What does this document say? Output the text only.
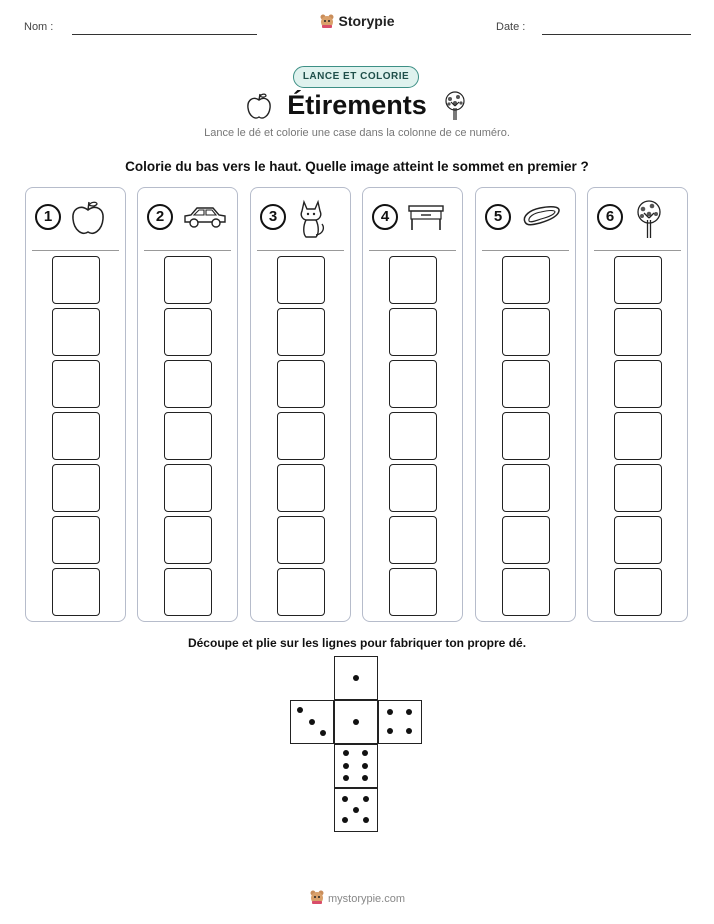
Nom :	Storypie	Date :
LANCE ET COLORIE
Étirements
Lance le dé et colorie une case dans la colonne de ce numéro.
Colorie du bas vers le haut. Quelle image atteint le sommet en premier ?
1	2	3	4	5	6
Découpe et plie sur les lignes pour fabriquer ton propre dé.
mystorypie.com
